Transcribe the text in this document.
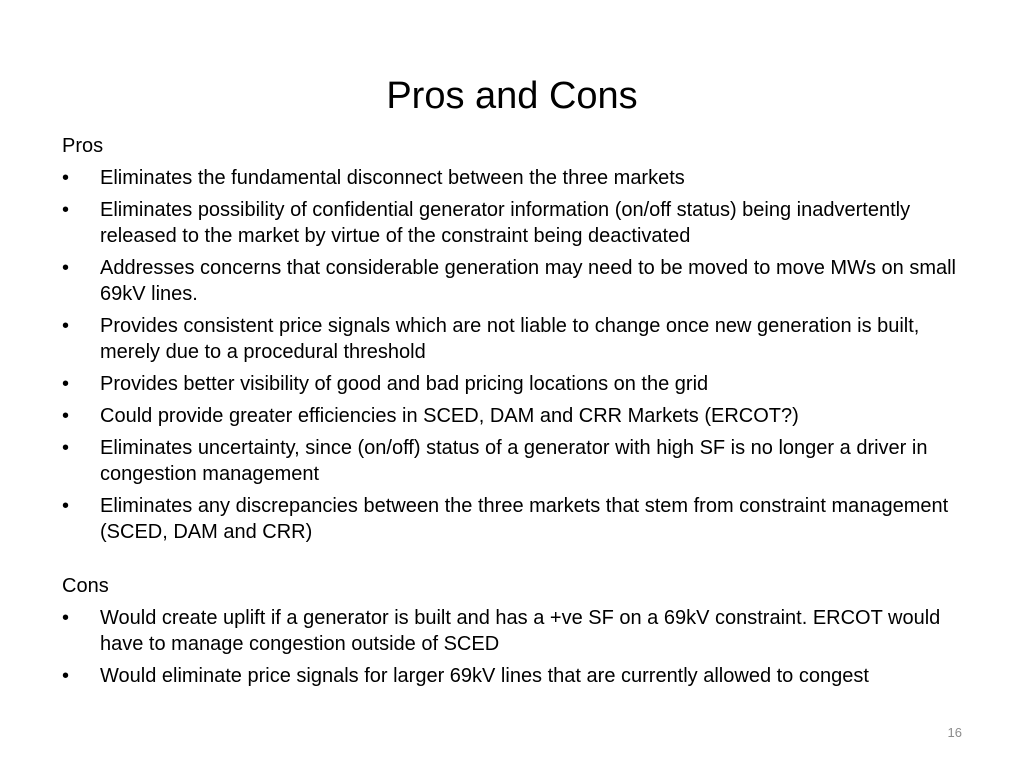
Pros and Cons
Pros
•	Eliminates the fundamental disconnect between the three markets
•	Eliminates possibility of confidential generator information (on/off status) being inadvertently released to the market by virtue of the constraint being deactivated
•	Addresses concerns that considerable generation may need to be moved to move MWs on small 69kV lines.
•	Provides consistent price signals which are not liable to change once new generation is built, merely due to a procedural threshold
•	Provides better visibility of good and bad pricing locations on the grid
•	Could provide greater efficiencies in SCED, DAM and CRR Markets (ERCOT?)
•	Eliminates uncertainty, since (on/off) status of a generator with high SF is no longer a driver in congestion management
•	Eliminates any discrepancies between the three markets that stem from constraint management (SCED, DAM and CRR)
Cons
•	Would create uplift if a generator is built and has a +ve SF on a 69kV constraint. ERCOT would have to manage congestion outside of SCED
•	Would eliminate price signals for larger 69kV lines that are currently allowed to congest
16
